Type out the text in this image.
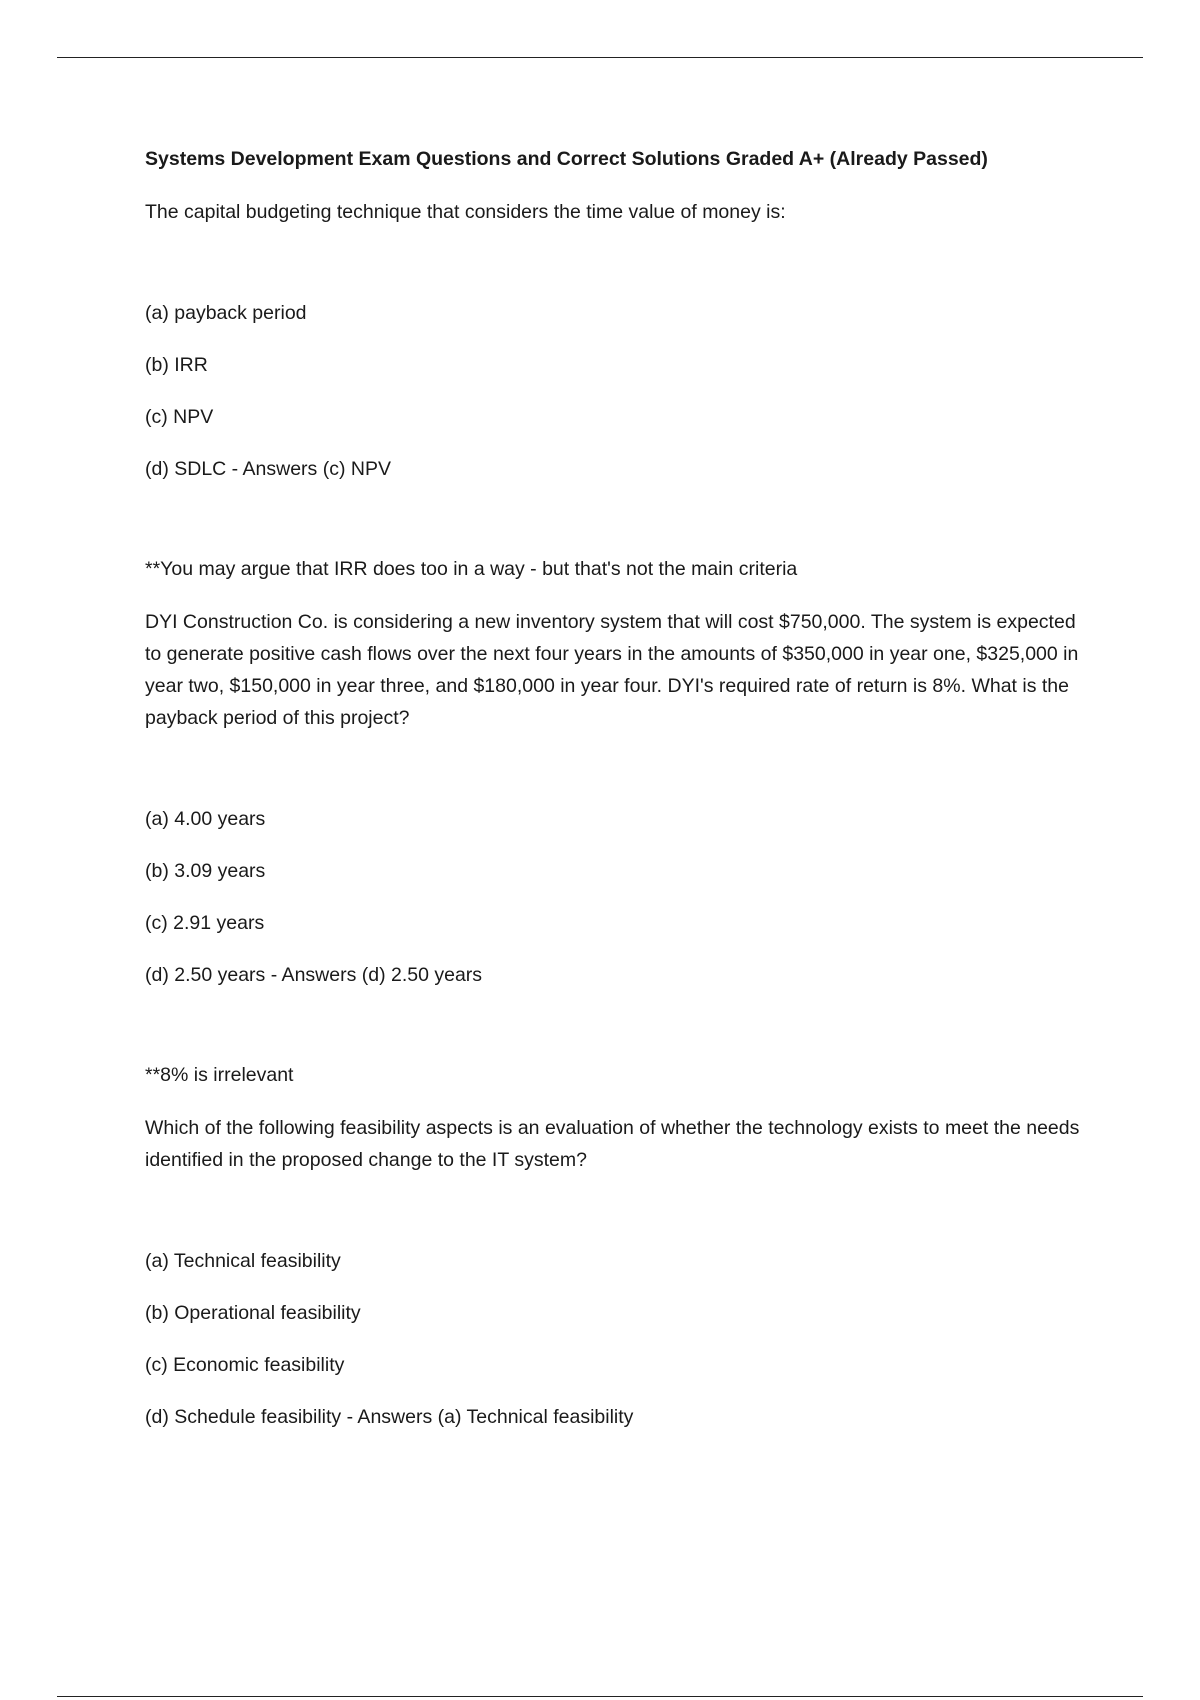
Systems Development Exam Questions and Correct Solutions Graded A+ (Already Passed)
The capital budgeting technique that considers the time value of money is:
(a) payback period
(b) IRR
(c) NPV
(d) SDLC - Answers (c) NPV
**You may argue that IRR does too in a way - but that's not the main criteria
DYI Construction Co. is considering a new inventory system that will cost $750,000. The system is expected to generate positive cash flows over the next four years in the amounts of $350,000 in year one, $325,000 in year two, $150,000 in year three, and $180,000 in year four. DYI's required rate of return is 8%. What is the payback period of this project?
(a) 4.00 years
(b) 3.09 years
(c) 2.91 years
(d) 2.50 years - Answers (d) 2.50 years
**8% is irrelevant
Which of the following feasibility aspects is an evaluation of whether the technology exists to meet the needs identified in the proposed change to the IT system?
(a) Technical feasibility
(b) Operational feasibility
(c) Economic feasibility
(d) Schedule feasibility - Answers (a) Technical feasibility
